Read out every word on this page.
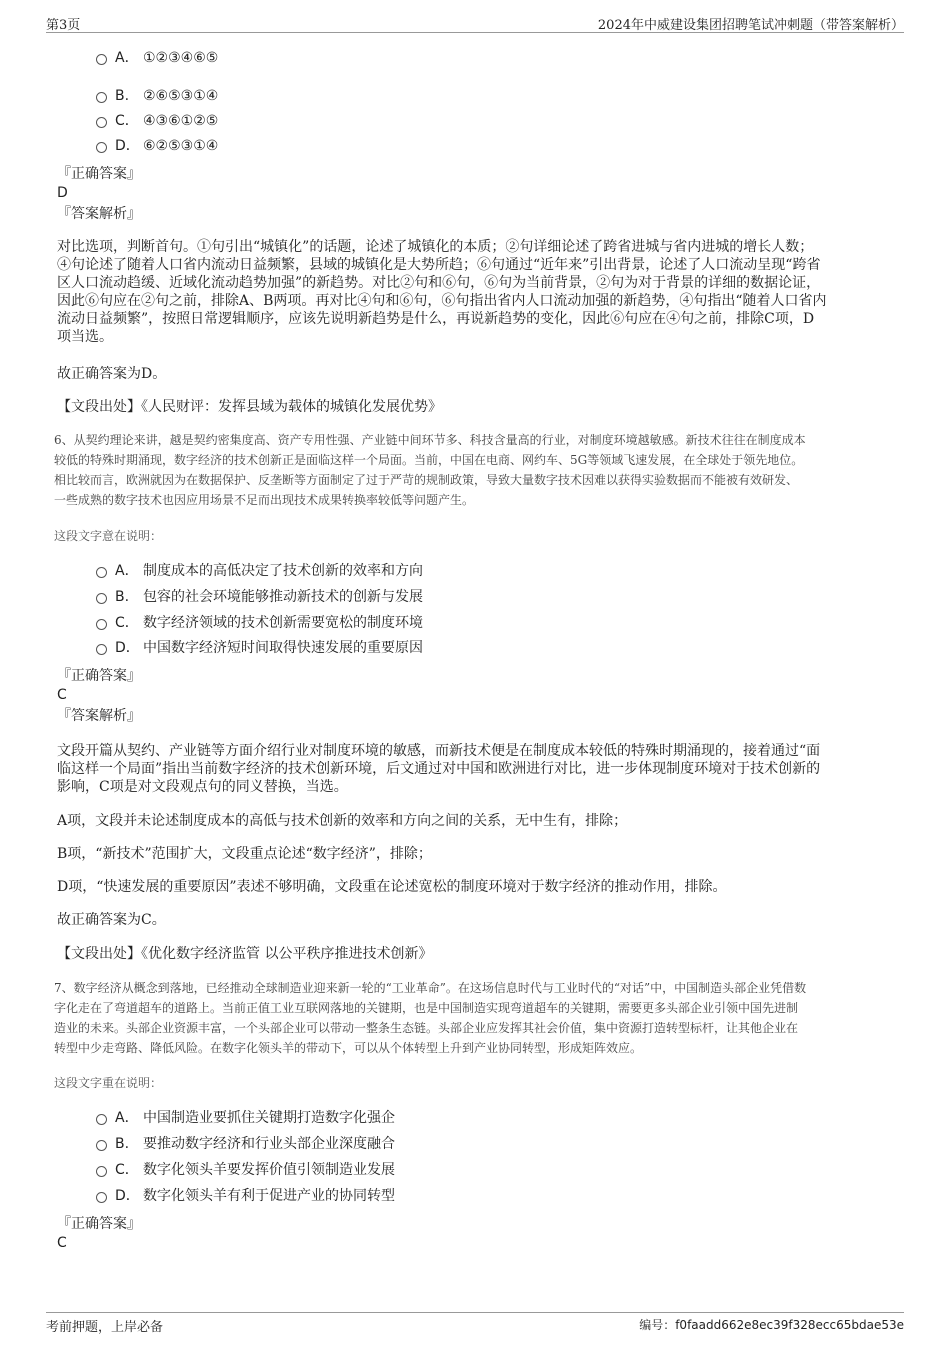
第3页	2024年中威建设集团招聘笔试冲刺题（带答案解析）
A． ①②③④⑥⑤
B. ②⑥⑤③①④
C． ④③⑥①②⑤
D． ⑥②⑤③①④
『正确答案』
D
『答案解析』
对比选项，判断首句。①句引出“城镇化”的话题，论述了城镇化的本质；②句详细论述了跨省进城与省内进城的增长人数；
④句论述了随着人口省内流动日益频繁，县域的城镇化是大势所趋；⑥句通过“近年来”引出背景，论述了人口流动呈现“跨省
区人口流动趋缓、近域化流动趋势加强”的新趋势。对比②句和⑥句，⑥句为当前背景，②句为对于背景的详细的数据论证，
因此⑥句应在②句之前，排除A、B两项。再对比④句和⑥句，⑥句指出省内人口流动加强的新趋势，④句指出“随着人口省内
流动日益频繁”，按照日常逻辑顺序，应该先说明新趋势是什么，再说新趋势的变化，因此⑥句应在④句之前，排除C项，D
项当选。
故正确答案为D。
【文段出处】《人民财评：发挥县域为载体的城镇化发展优势》
6、从契约理论来讲，越是契约密集度高、资产专用性强、产业链中间环节多、科技含量高的行业，对制度环境越敏感。新技术往往在制度成本
较低的特殊时期涌现，数字经济的技术创新正是面临这样一个局面。当前，中国在电商、网约车、5G等领域飞速发展，在全球处于领先地位。
相比较而言，欧洲就因为在数据保护、反垄断等方面制定了过于严苛的规制政策，导致大量数字技术因难以获得实验数据而不能被有效研发、
一些成熟的数字技术也因应用场景不足而出现技术成果转换率较低等问题产生。
这段文字意在说明：
A． 制度成本的高低决定了技术创新的效率和方向
B. 包容的社会环境能够推动新技术的创新与发展
C． 数字经济领域的技术创新需要宽松的制度环境
D． 中国数字经济短时间取得快速发展的重要原因
『正确答案』
C
『答案解析』
文段开篇从契约、产业链等方面介绍行业对制度环境的敏感，而新技术便是在制度成本较低的特殊时期涌现的，接着通过“面
临这样一个局面”指出当前数字经济的技术创新环境，后文通过对中国和欧洲进行对比，进一步体现制度环境对于技术创新的
影响，C项是对文段观点句的同义替换，当选。
A项，文段并未论述制度成本的高低与技术创新的效率和方向之间的关系，无中生有，排除；
B项，“新技术”范围扩大，文段重点论述“数字经济”，排除；
D项，“快速发展的重要原因”表述不够明确，文段重在论述宽松的制度环境对于数字经济的推动作用，排除。
故正确答案为C。
【文段出处】《优化数字经济监管 以公平秩序推进技术创新》
7、数字经济从概念到落地，已经推动全球制造业迎来新一轮的“工业革命”。在这场信息时代与工业时代的“对话”中，中国制造头部企业凭借数
字化走在了弯道超车的道路上。当前正值工业互联网落地的关键期，也是中国制造实现弯道超车的关键期，需要更多头部企业引领中国先进制
造业的未来。头部企业资源丰富，一个头部企业可以带动一整条生态链。头部企业应发挥其社会价值，集中资源打造转型标杆，让其他企业在
转型中少走弯路、降低风险。在数字化领头羊的带动下，可以从个体转型上升到产业协同转型，形成矩阵效应。
这段文字重在说明：
A． 中国制造业要抓住关键期打造数字化强企
B. 要推动数字经济和行业头部企业深度融合
C． 数字化领头羊要发挥价值引领制造业发展
D． 数字化领头羊有利于促进产业的协同转型
『正确答案』
C
考前押题，上岸必备	编号：f0faadd662e8ec39f328ecc65bdae53e
